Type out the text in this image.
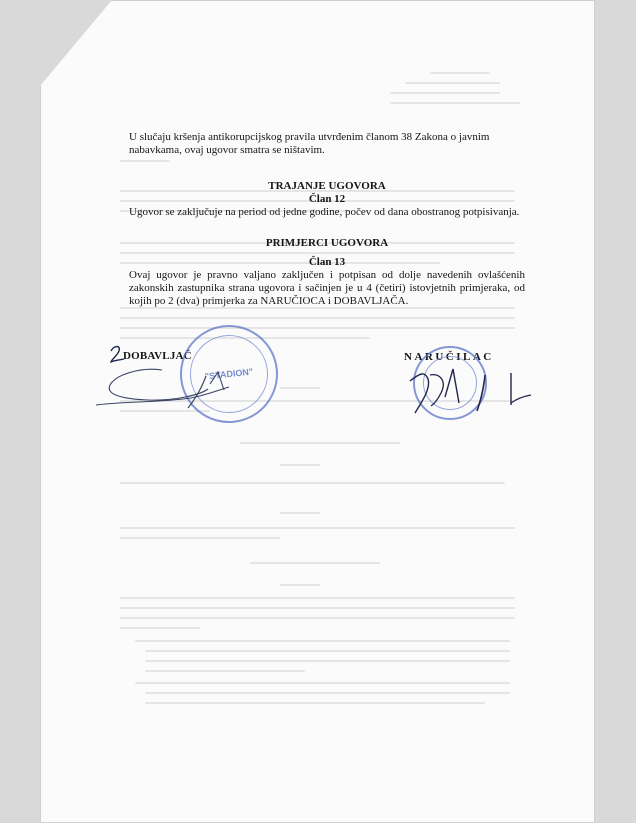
U slučaju kršenja antikorupcijskog pravila utvrđenim članom 38 Zakona o javnim
nabavkama, ovaj ugovor smatra se ništavim.
TRAJANJE UGOVORA
Član 12
Ugovor se zaključuje na period od jedne godine, počev od dana obostranog potpisivanja.
PRIMJERCI UGOVORA
Član 13
Ovaj ugovor je pravno valjano zaključen i potpisan od dolje navedenih ovlašćenih
zakonskih zastupnika strana ugovora i sačinjen je u 4 (četiri) istovjetnih primjeraka, od
kojih po 2 (dva) primjerka za NARUČIOCA i DOBAVLJAČA.
DOBAVLJAČ	NARUČILAC
"STADION"
